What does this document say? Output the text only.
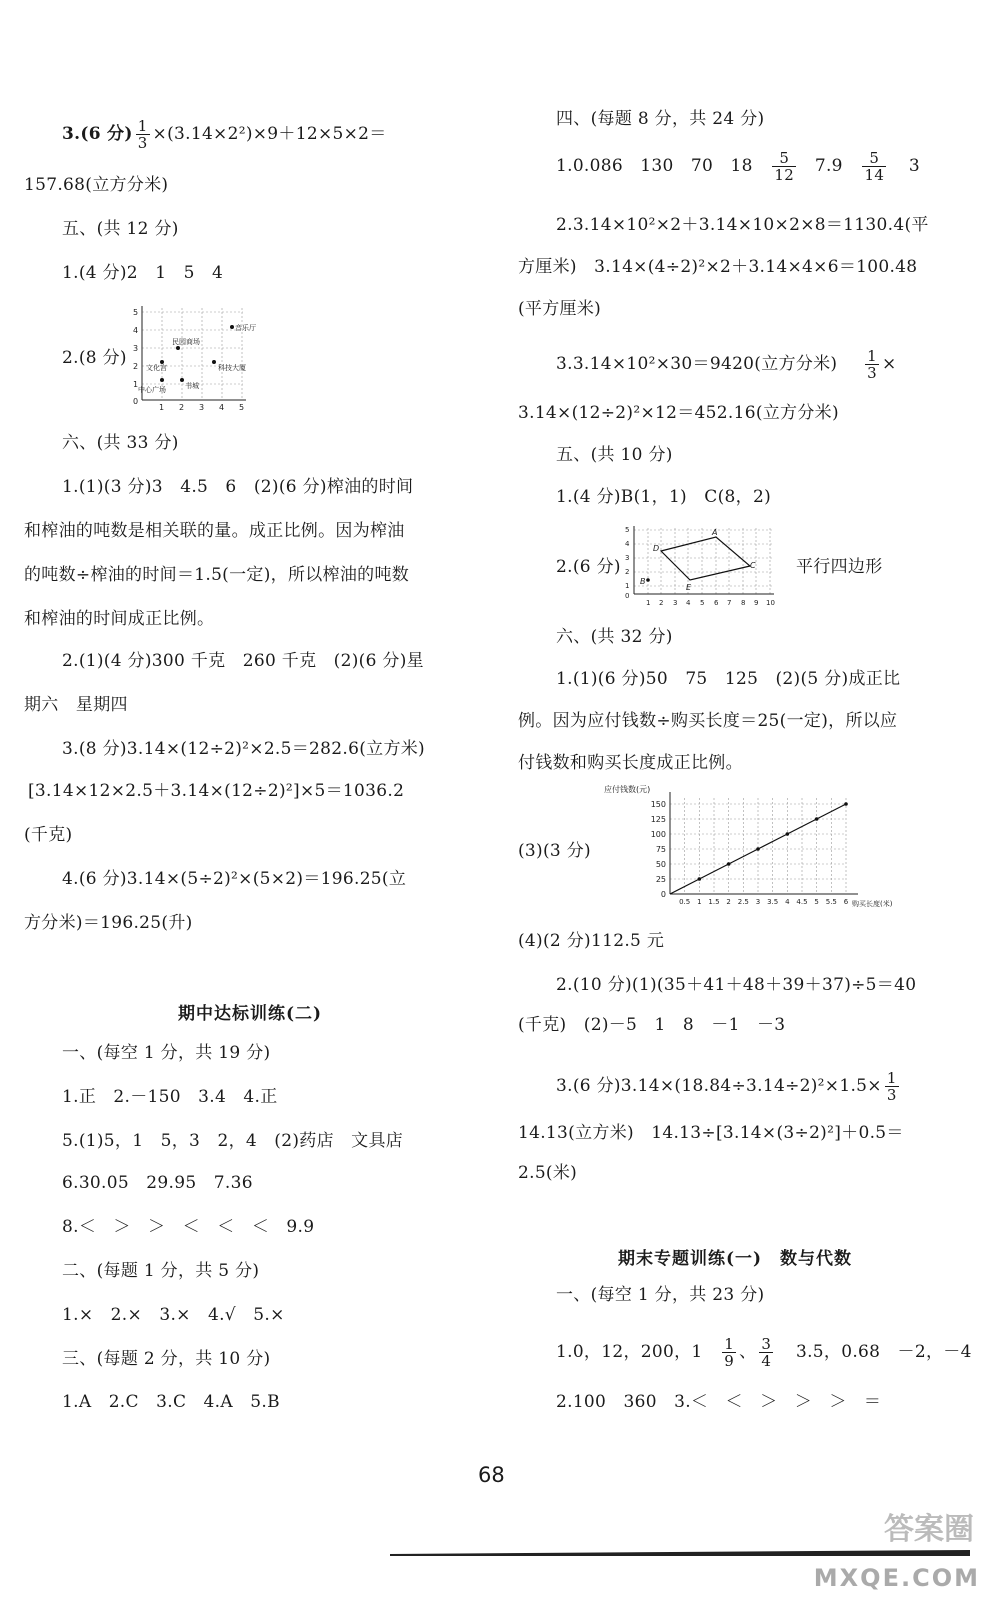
3.(6 分) $\frac{1}{3} \times(3.14\times 2^2)\times 9+12\times 5\times 2=$
157.68(立方分米)
五、(共 12 分)
1.(4 分)2　1　5　4
2.(8 分)
5
4
3
2
1
0
1 2 3 4 5
音乐厅
民园商场
文化宫	科技大厦
中心广场	书城
六、(共 33 分)
1.(1)(3 分)3　4.5　6　(2)(6 分)榨油的时间
和榨油的吨数是相关联的量。成正比例。因为榨油
的吨数÷榨油的时间＝1.5(一定)，所以榨油的吨数
和榨油的时间成正比例。
2.(1)(4 分)300 千克　260 千克　(2)(6 分)星
期六　星期四
3.(8 分)3.14×(12÷2)²×2.5＝282.6(立方米)
[3.14×12×2.5＋3.14×(12÷2)²]×5＝1036.2
(千克)
4.(6 分)3.14×(5÷2)²×(5×2)＝196.25(立
方分米)＝196.25(升)
期中达标训练(二)
一、(每空 1 分，共 19 分)
1.正　2.－150　3.4　4.正
5.(1)5，1　5，3　2，4　(2)药店　文具店
6.30.05　29.95　7.36
8.＜　＞　＞　＜　＜　＜　9.9
二、(每题 1 分，共 5 分)
1.×　2.×　3.×　4.√　5.×
三、(每题 2 分，共 10 分)
1.A　2.C　3.C　4.A　5.B
四、(每题 8 分，共 24 分)
1.0.086　130　70　$18 \frac{5}{12} 7.9 \frac{5}{14} 3$
2.3.14×10²×2＋3.14×10×2×8＝1130.4(平
方厘米)　3.14×(4÷2)²×2＋3.14×4×6＝100.48
(平方厘米)
3.3.14×10²×30＝9420(立方分米) $\frac{1}{3}$ ×
3.14×(12÷2)²×12＝452.16(立方分米)
五、(共 10 分)
1.(4 分)B(1，1)　C(8，2)
2.(6 分)
A
B
C
D
E
5
4
3
2
1
0
1 2 3 4 5 6 7 8 9 10
平行四边形
六、(共 32 分)
1.(1)(6 分)50　75　125　(2)(5 分)成正比
例。因为应付钱数÷购买长度＝25(一定)，所以应
付钱数和购买长度成正比例。
(3)(3 分)
0
25
50
75
100
125
150
0.5 1 1.5 2 2.5 3 3.5 4 4.5 5 5.5 6
应付钱数(元)
购买长度(米)
(4)(2 分)112.5 元
2.(10 分)(1)(35＋41＋48＋39＋37)÷5＝40
(千克)　(2)－5　1　8　－1　－3
3.(6 分)$3.14\times(18.84\div 3.14\div 2)^2\times 1.5\times \frac{1}{3}$
14.13(立方米)　14.13÷[3.14×(3÷2)²]＋0.5＝
2.5(米)
期末专题训练(一)　数与代数
一、(每空 1 分，共 23 分)
1.0，12，200，$1 \frac{1}{9}$ 、 $\frac{3}{4} 3.5$，0.68　－2，－4
2.100　360　3.＜　＜　＞　＞　＞　＝
68
答案圈
MXQE.COM
